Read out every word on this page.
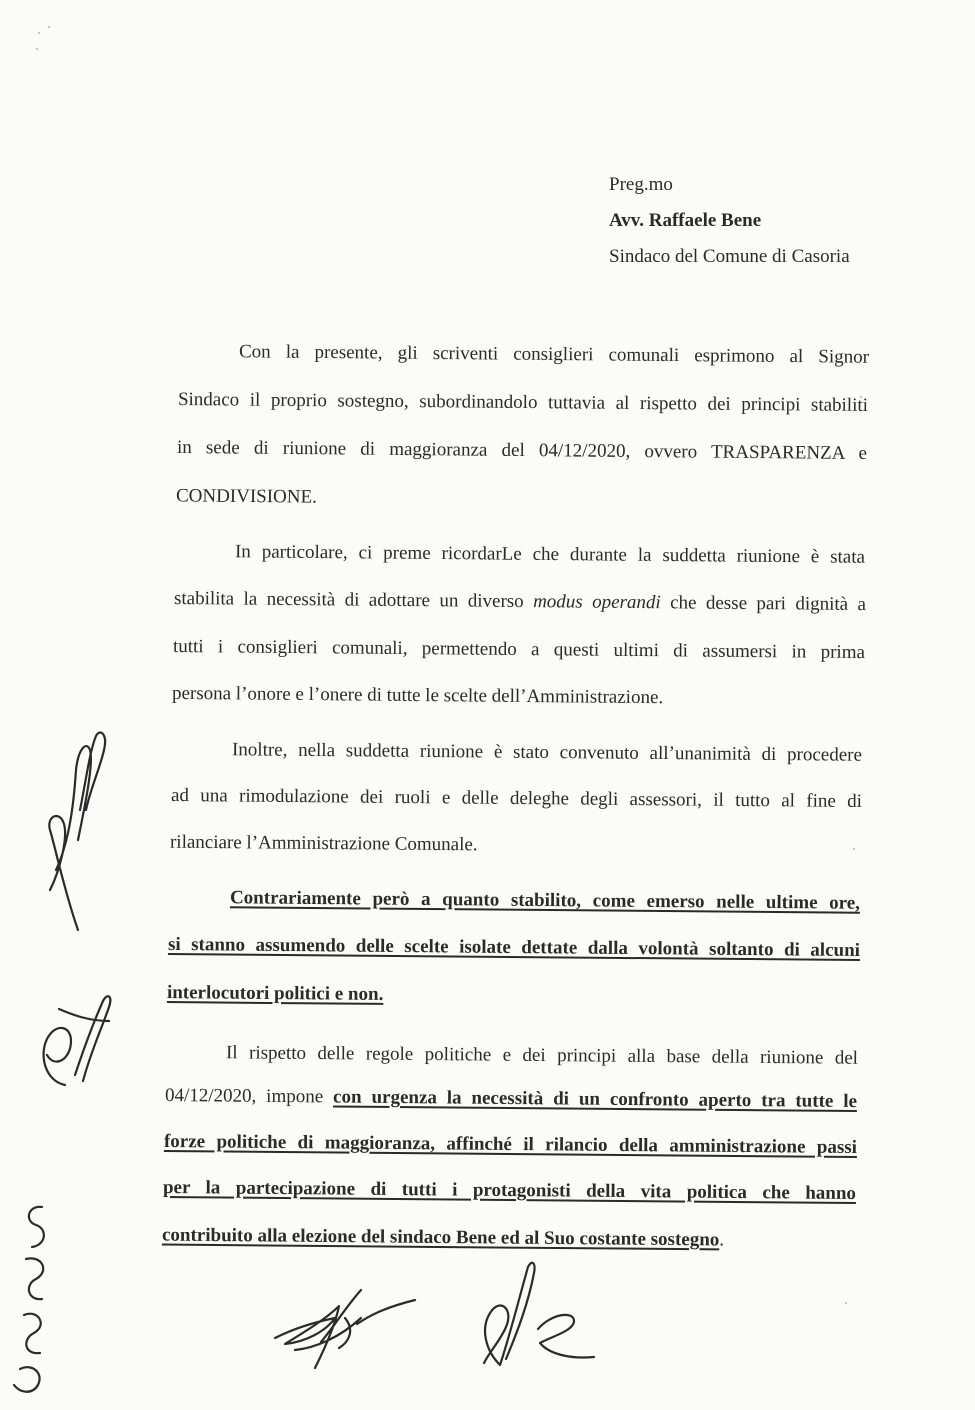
Preg.mo
Avv. Raffaele Bene
Sindaco del Comune di Casoria
Con la presente, gli scriventi consiglieri comunali esprimono al Signor
Sindaco il proprio sostegno, subordinandolo tuttavia al rispetto dei principi stabiliti
in sede di riunione di maggioranza del 04/12/2020, ovvero TRASPARENZA e
CONDIVISIONE.
In particolare, ci preme ricordarLe che durante la suddetta riunione è stata
stabilita la necessità di adottare un diverso modus operandi che desse pari dignità a
tutti i consiglieri comunali, permettendo a questi ultimi di assumersi in prima
persona l’onore e l’onere di tutte le scelte dell’Amministrazione.
Inoltre, nella suddetta riunione è stato convenuto all’unanimità di procedere
ad una rimodulazione dei ruoli e delle deleghe degli assessori, il tutto al fine di
rilanciare l’Amministrazione Comunale.
Contrariamente però a quanto stabilito, come emerso nelle ultime ore,
si stanno assumendo delle scelte isolate dettate dalla volontà soltanto di alcuni
interlocutori politici e non.
Il rispetto delle regole politiche e dei principi alla base della riunione del
04/12/2020, impone con urgenza la necessità di un confronto aperto tra tutte le
forze politiche di maggioranza, affinché il rilancio della amministrazione passi
per la partecipazione di tutti i protagonisti della vita politica che hanno
contribuito alla elezione del sindaco Bene ed al Suo costante sostegno.
